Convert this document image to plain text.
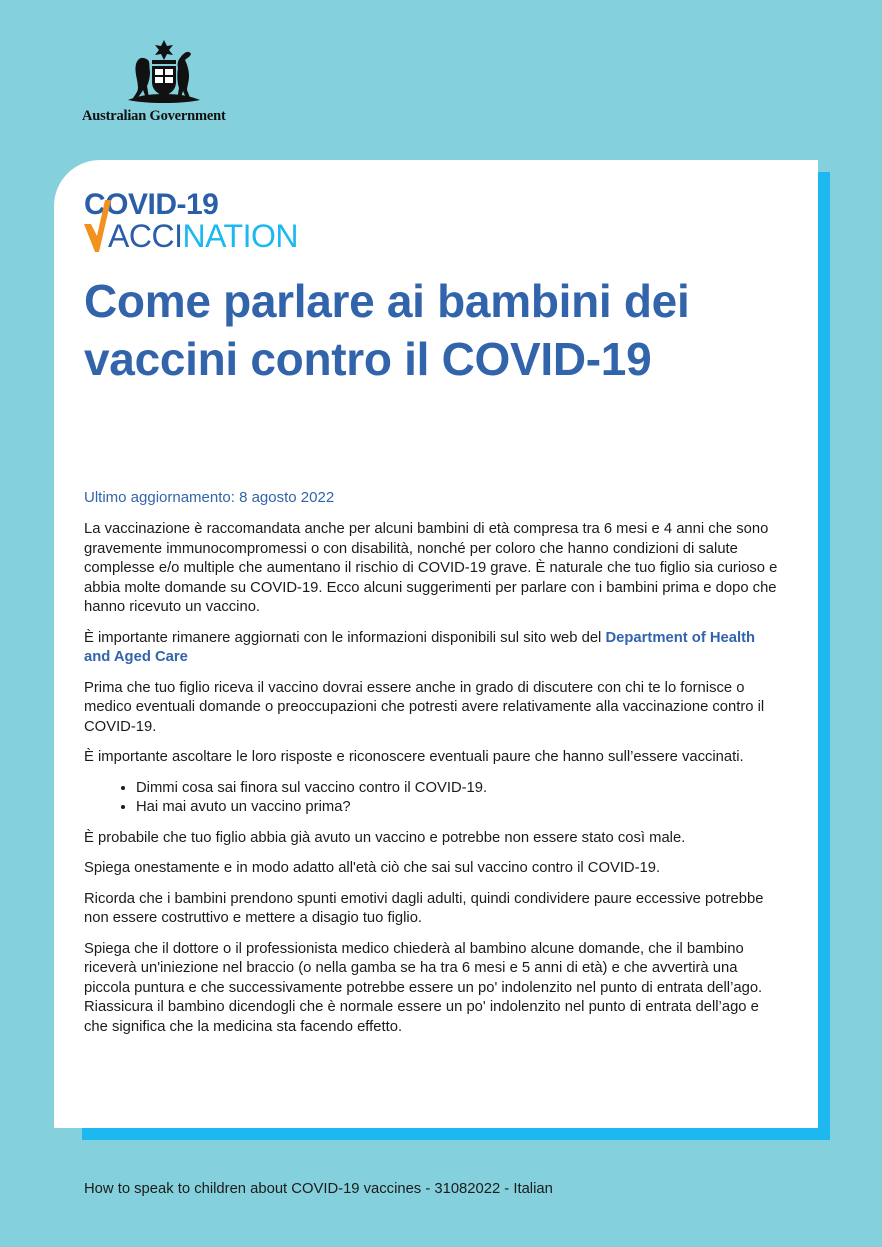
Australian Government
COVID-19
ACCINATION
Come parlare ai bambini dei vaccini contro il COVID-19
Ultimo aggiornamento: 8 agosto 2022

La vaccinazione è raccomandata anche per alcuni bambini di età compresa tra 6 mesi e 4 anni che sono gravemente immunocompromessi o con disabilità, nonché per coloro che hanno condizioni di salute complesse e/o multiple che aumentano il rischio di COVID-19 grave. È naturale che tuo figlio sia curioso e abbia molte domande su COVID-19. Ecco alcuni suggerimenti per parlare con i bambini prima e dopo che hanno ricevuto un vaccino.

È importante rimanere aggiornati con le informazioni disponibili sul sito web del Department of Health and Aged Care

Prima che tuo figlio riceva il vaccino dovrai essere anche in grado di discutere con chi te lo fornisce o medico eventuali domande o preoccupazioni che potresti avere relativamente alla vaccinazione contro il COVID-19.

È importante ascoltare le loro risposte e riconoscere eventuali paure che hanno sull’essere vaccinati.

• Dimmi cosa sai finora sul vaccino contro il COVID-19.
• Hai mai avuto un vaccino prima?

È probabile che tuo figlio abbia già avuto un vaccino e potrebbe non essere stato così male.

Spiega onestamente e in modo adatto all'età ciò che sai sul vaccino contro il COVID-19.

Ricorda che i bambini prendono spunti emotivi dagli adulti, quindi condividere paure eccessive potrebbe non essere costruttivo e mettere a disagio tuo figlio.

Spiega che il dottore o il professionista medico chiederà al bambino alcune domande, che il bambino riceverà un'iniezione nel braccio (o nella gamba se ha tra 6 mesi e 5 anni di età) e che avvertirà una piccola puntura e che successivamente potrebbe essere un po' indolenzito nel punto di entrata dell’ago. Riassicura il bambino dicendogli che è normale essere un po' indolenzito nel punto di entrata dell’ago e che significa che la medicina sta facendo effetto.

How to speak to children about COVID-19 vaccines - 31082022 - Italian
